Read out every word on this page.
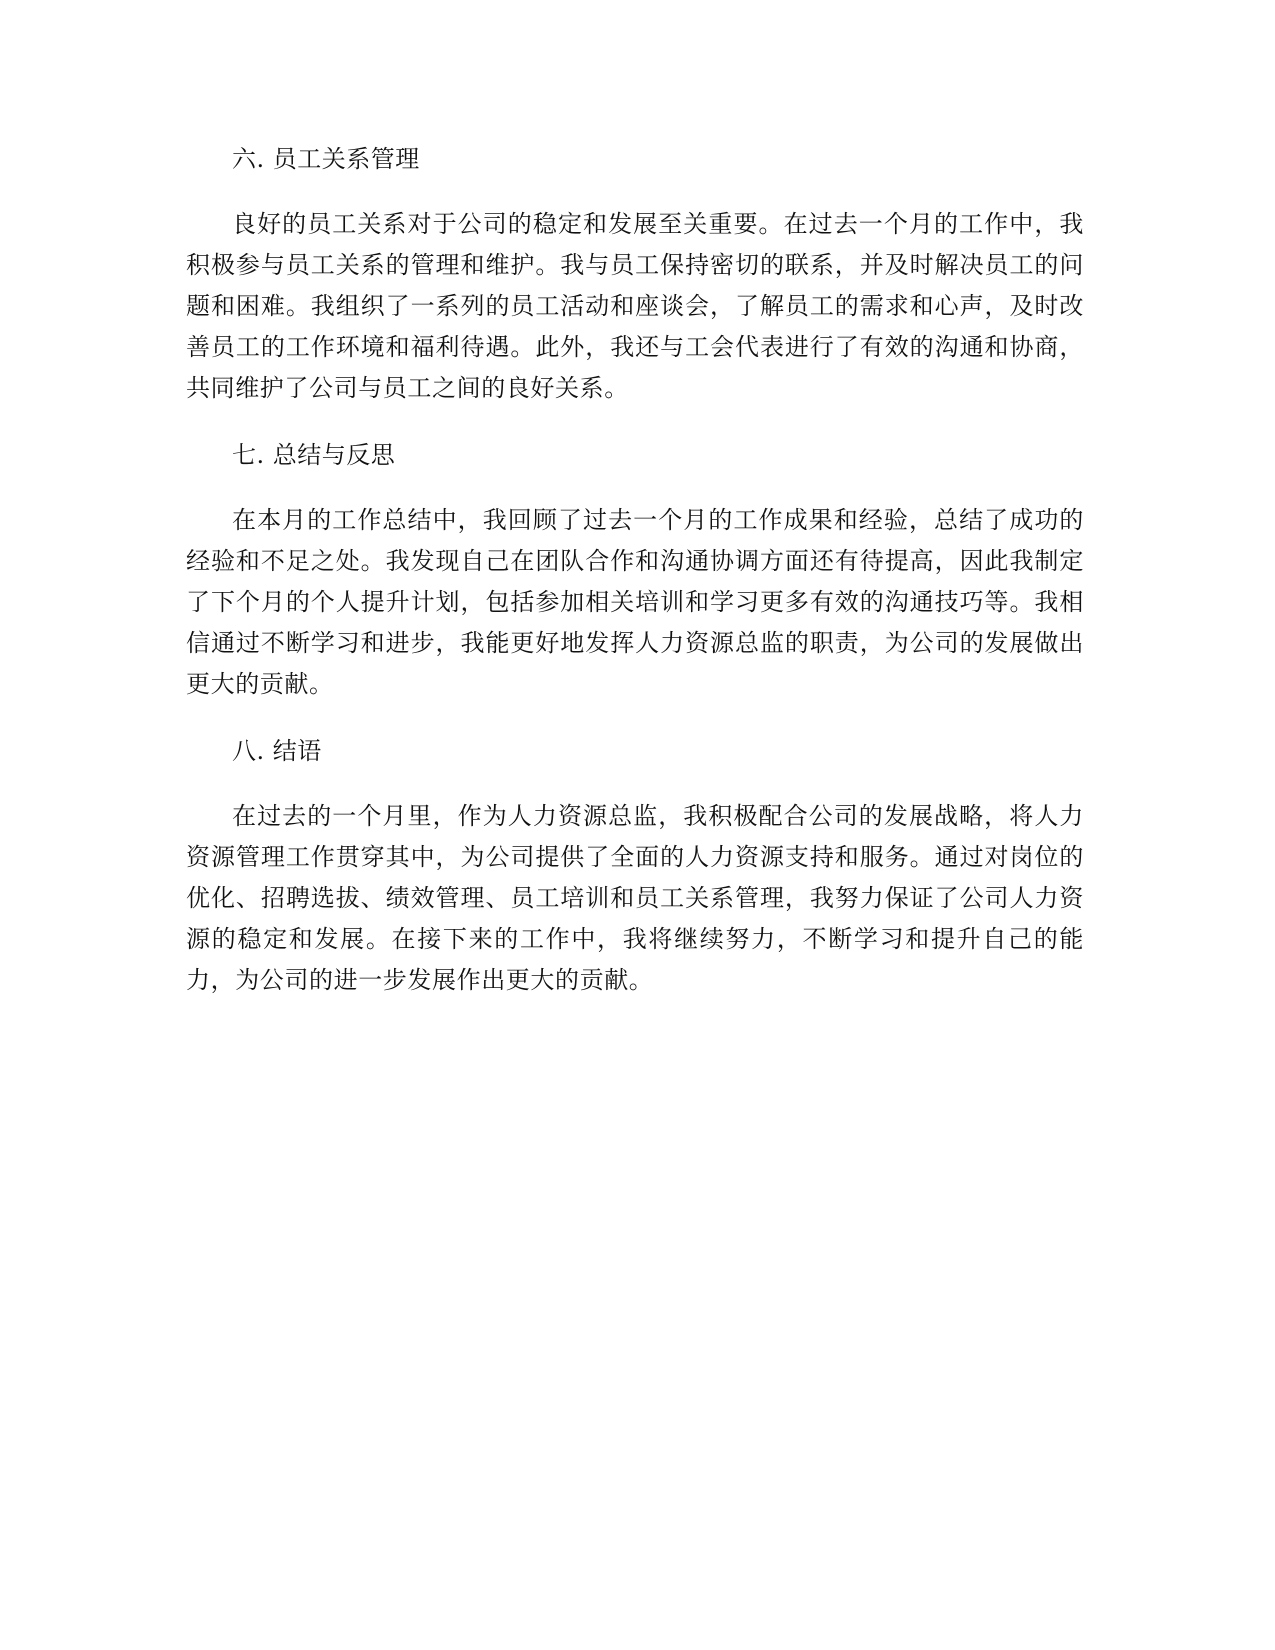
六. 员工关系管理

良好的员工关系对于公司的稳定和发展至关重要。在过去一个月的工作中，我积极参与员工关系的管理和维护。我与员工保持密切的联系，并及时解决员工的问题和困难。我组织了一系列的员工活动和座谈会，了解员工的需求和心声，及时改善员工的工作环境和福利待遇。此外，我还与工会代表进行了有效的沟通和协商，共同维护了公司与员工之间的良好关系。

七. 总结与反思

在本月的工作总结中，我回顾了过去一个月的工作成果和经验，总结了成功的经验和不足之处。我发现自己在团队合作和沟通协调方面还有待提高，因此我制定了下个月的个人提升计划，包括参加相关培训和学习更多有效的沟通技巧等。我相信通过不断学习和进步，我能更好地发挥人力资源总监的职责，为公司的发展做出更大的贡献。

八. 结语

在过去的一个月里，作为人力资源总监，我积极配合公司的发展战略，将人力资源管理工作贯穿其中，为公司提供了全面的人力资源支持和服务。通过对岗位的优化、招聘选拔、绩效管理、员工培训和员工关系管理，我努力保证了公司人力资源的稳定和发展。在接下来的工作中，我将继续努力，不断学习和提升自己的能力，为公司的进一步发展作出更大的贡献。
